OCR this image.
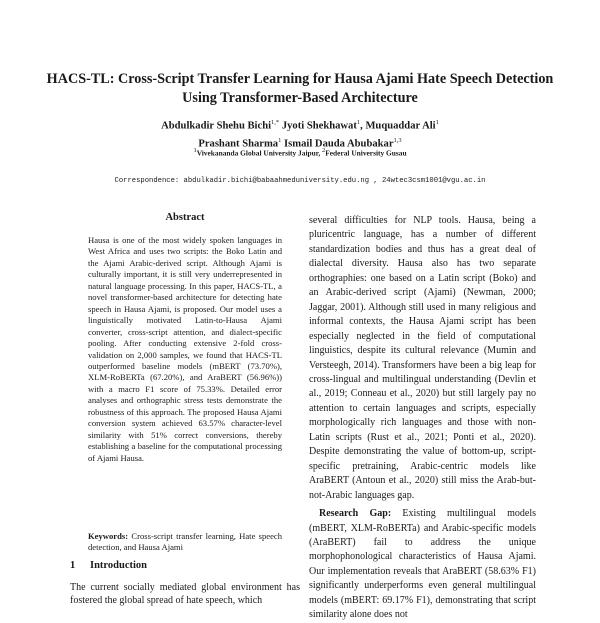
HACS-TL: Cross-Script Transfer Learning for Hausa Ajami Hate Speech Detection Using Transformer-Based Architecture
Abdulkadir Shehu Bichi$^{1,*}$ Jyoti Shekhawat$^1$, Muquaddar Ali$^1$
Prashant Sharma$^1$ Ismail Dauda Abubakar$^{1,3}$
$^1$Vivekananda Global University Jaipur, $^2$Federal University Gusau
Correspondence: abdulkadir.bichi@babaahmeduniversity.edu.ng , 24wtec3csm1001@vgu.ac.in
Abstract
Hausa is one of the most widely spoken languages in West Africa and uses two scripts: the Boko Latin and the Ajami Arabic-derived script. Although Ajami is culturally important, it is still very underrepresented in natural language processing. In this paper, HACS-TL, a novel transformer-based architecture for detecting hate speech in Hausa Ajami, is proposed. Our model uses a linguistically motivated Latin-to-Hausa Ajami converter, cross-script attention, and dialect-specific pooling. After conducting extensive 2-fold cross-validation on 2,000 samples, we found that HACS-TL outperformed baseline models (mBERT (73.70%), XLM-RoBERTa (67.20%), and AraBERT (56.96%)) with a macro F1 score of 75.33%. Detailed error analyses and orthographic stress tests demonstrate the robustness of this approach. The proposed Hausa Ajami conversion system achieved 63.57% character-level similarity with 51% correct conversions, thereby establishing a baseline for the computational processing of Ajami Hausa.
Keywords: Cross-script transfer learning, Hate speech detection, and Hausa Ajami
1 Introduction
The current socially mediated global environment has fostered the global spread of hate speech, which

several difficulties for NLP tools. Hausa, being a pluricentric language, has a number of different standardization bodies and thus has a great deal of dialectal diversity. Hausa also has two separate orthographies: one based on a Latin script (Boko) and an Arabic-derived script (Ajami) (Newman, 2000; Jaggar, 2001). Although still used in many religious and informal contexts, the Hausa Ajami script has been especially neglected in the field of computational linguistics, despite its cultural relevance (Mumin and Versteegh, 2014). Transformers have been a big leap for cross-lingual and multilingual understanding (Devlin et al., 2019; Conneau et al., 2020) but still largely pay no attention to certain languages and scripts, especially morphologically rich languages and those with non-Latin scripts (Rust et al., 2021; Ponti et al., 2020). Despite demonstrating the value of bottom-up, script-specific pretraining, Arabic-centric models like AraBERT (Antoun et al., 2020) still miss the Arab-but-not-Arabic languages gap.

Research Gap: Existing multilingual models (mBERT, XLM-RoBERTa) and Arabic-specific models (AraBERT) fail to address the unique morphophonological characteristics of Hausa Ajami. Our implementation reveals that AraBERT (58.63% F1) significantly underperforms even general multilingual models (mBERT: 69.17% F1), demonstrating that script similarity alone does not
